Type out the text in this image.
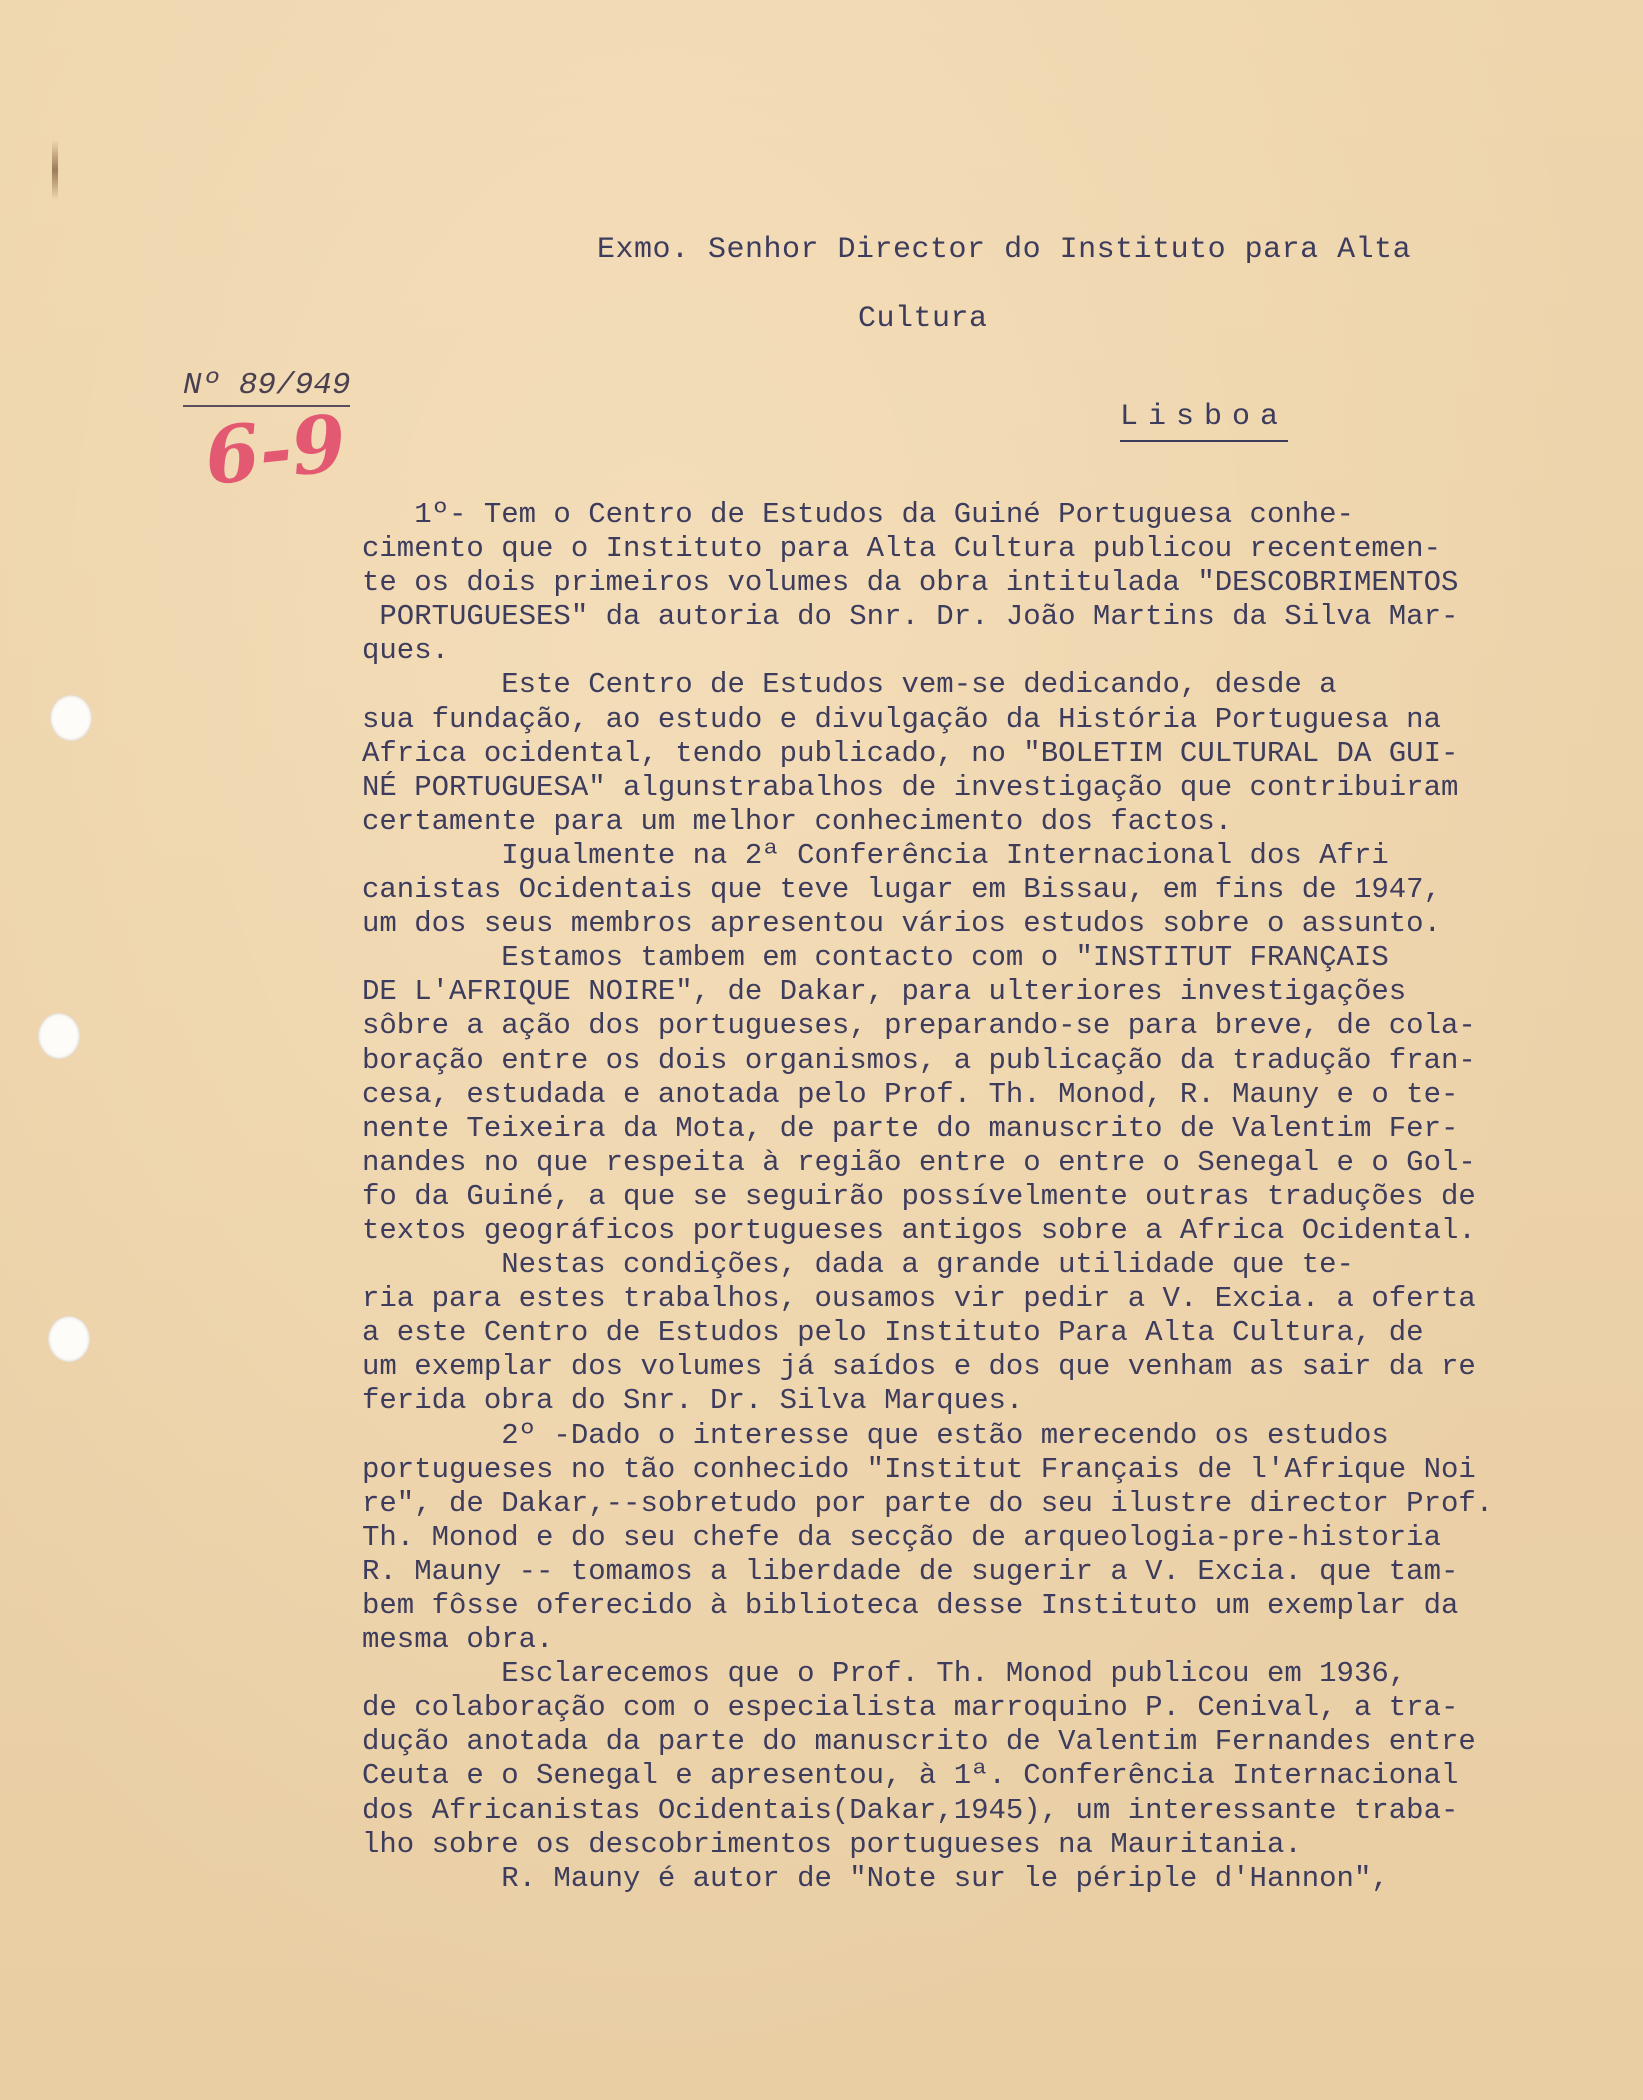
Exmo. Senhor Director do Instituto para Alta

Cultura

Nº 89/949

6-9	Lisboa

1º- Tem o Centro de Estudos da Guiné Portuguesa conhe-
cimento que o Instituto para Alta Cultura publicou recentemen-
te os dois primeiros volumes da obra intitulada "DESCOBRIMENTOS
PORTUGUESES" da autoria do Snr. Dr. João Martins da Silva Mar-
ques.
Este Centro de Estudos vem-se dedicando, desde a
sua fundação, ao estudo e divulgação da História Portuguesa na
Africa ocidental, tendo publicado, no "BOLETIM CULTURAL DA GUI-
NÉ PORTUGUESA" algunstrabalhos de investigação que contribuiram
certamente para um melhor conhecimento dos factos.
Igualmente na 2ª Conferência Internacional dos Afri
canistas Ocidentais que teve lugar em Bissau, em fins de 1947,
um dos seus membros apresentou vários estudos sobre o assunto.
Estamos tambem em contacto com o "INSTITUT FRANÇAIS
DE L'AFRIQUE NOIRE", de Dakar, para ulteriores investigações
sôbre a ação dos portugueses, preparando-se para breve, de cola-
boração entre os dois organismos, a publicação da tradução fran-
cesa, estudada e anotada pelo Prof. Th. Monod, R. Mauny e o te-
nente Teixeira da Mota, de parte do manuscrito de Valentim Fer-
nandes no que respeita à região entre o entre o Senegal e o Gol-
fo da Guiné, a que se seguirão possívelmente outras traduções de
textos geográficos portugueses antigos sobre a Africa Ocidental.
Nestas condições, dada a grande utilidade que te-
ria para estes trabalhos, ousamos vir pedir a V. Excia. a oferta
a este Centro de Estudos pelo Instituto Para Alta Cultura, de
um exemplar dos volumes já saídos e dos que venham as sair da re
ferida obra do Snr. Dr. Silva Marques.
2º -Dado o interesse que estão merecendo os estudos
portugueses no tão conhecido "Institut Français de l'Afrique Noi
re", de Dakar,--sobretudo por parte do seu ilustre director Prof.
Th. Monod e do seu chefe da secção de arqueologia-pre-historia
R. Mauny -- tomamos a liberdade de sugerir a V. Excia. que tam-
bem fôsse oferecido à biblioteca desse Instituto um exemplar da
mesma obra.
Esclarecemos que o Prof. Th. Monod publicou em 1936,
de colaboração com o especialista marroquino P. Cenival, a tra-
dução anotada da parte do manuscrito de Valentim Fernandes entre
Ceuta e o Senegal e apresentou, à 1ª. Conferência Internacional
dos Africanistas Ocidentais(Dakar,1945), um interessante traba-
lho sobre os descobrimentos portugueses na Mauritania.
R. Mauny é autor de "Note sur le périple d'Hannon",
